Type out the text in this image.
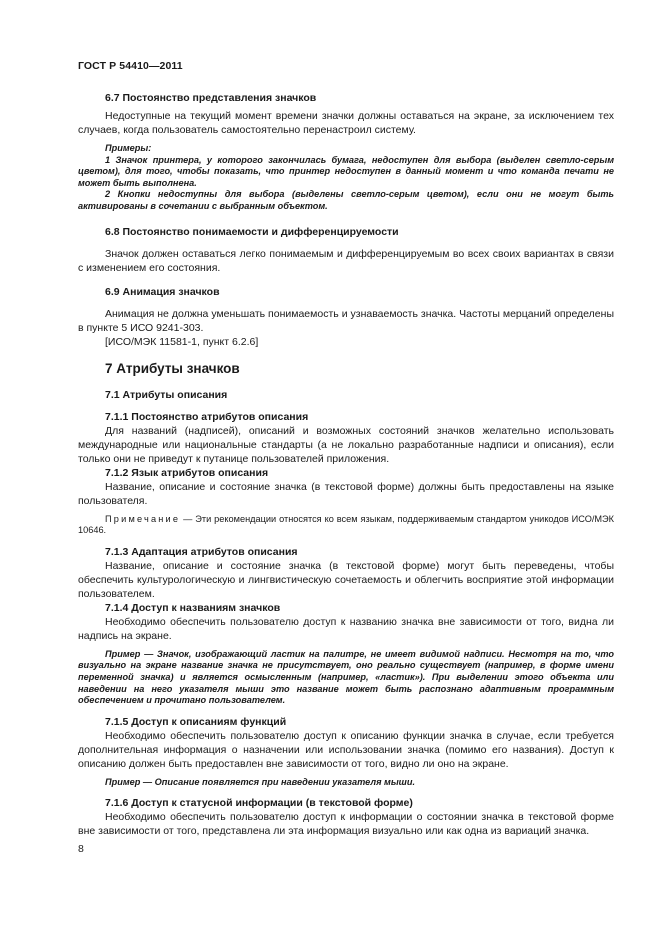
ГОСТ Р 54410—2011
6.7 Постоянство представления значков

Недоступные на текущий момент времени значки должны оставаться на экране, за исключением тех случаев, когда пользователь самостоятельно перенастроил систему.

Примеры:
1 Значок принтера, у которого закончилась бумага, недоступен для выбора (выделен светло-серым цветом), для того, чтобы показать, что принтер недоступен в данный момент и что команда печати не может быть выполнена.
2 Кнопки недоступны для выбора (выделены светло-серым цветом), если они не могут быть активированы в сочетании с выбранным объектом.
6.8 Постоянство понимаемости и дифференцируемости

Значок должен оставаться легко понимаемым и дифференцируемым во всех своих вариантах в связи с изменением его состояния.

6.9 Анимация значков

Анимация не должна уменьшать понимаемость и узнаваемость значка. Частоты мерцаний определены в пункте 5 ИСО 9241-303.

[ИСО/МЭК 11581-1, пункт 6.2.6]

7 Атрибуты значков
7.1 Атрибуты описания
7.1.1 Постоянство атрибутов описания

Для названий (надписей), описаний и возможных состояний значков желательно использовать международные или национальные стандарты (а не локально разработанные надписи и описания), если только они не приведут к путанице пользователей приложения.

7.1.2 Язык атрибутов описания

Название, описание и состояние значка (в текстовой форме) должны быть предоставлены на языке пользователя.

Примечание — Эти рекомендации относятся ко всем языкам, поддерживаемым стандартом уникодов ИСО/МЭК 10646.
7.1.3 Адаптация атрибутов описания

Название, описание и состояние значка (в текстовой форме) могут быть переведены, чтобы обеспечить культурологическую и лингвистическую сочетаемость и облегчить восприятие этой информации пользователем.

7.1.4 Доступ к названиям значков

Необходимо обеспечить пользователю доступ к названию значка вне зависимости от того, видна ли надпись на экране.

Пример — Значок, изображающий ластик на палитре, не имеет видимой надписи. Несмотря на то, что визуально на экране название значка не присутствует, оно реально существует (например, в форме имени переменной значка) и является осмысленным (например, «ластик»). При выделении этого объекта или наведении на него указателя мыши это название может быть распознано адаптивным программным обеспечением и прочитано пользователем.
7.1.5 Доступ к описаниям функций

Необходимо обеспечить пользователю доступ к описанию функции значка в случае, если требуется дополнительная информация о назначении или использовании значка (помимо его названия). Доступ к описанию должен быть предоставлен вне зависимости от того, видно ли оно на экране.

Пример — Описание появляется при наведении указателя мыши.
7.1.6 Доступ к статусной информации (в текстовой форме)

Необходимо обеспечить пользователю доступ к информации о состоянии значка в текстовой форме вне зависимости от того, представлена ли эта информация визуально или как одна из вариаций значка.

8
